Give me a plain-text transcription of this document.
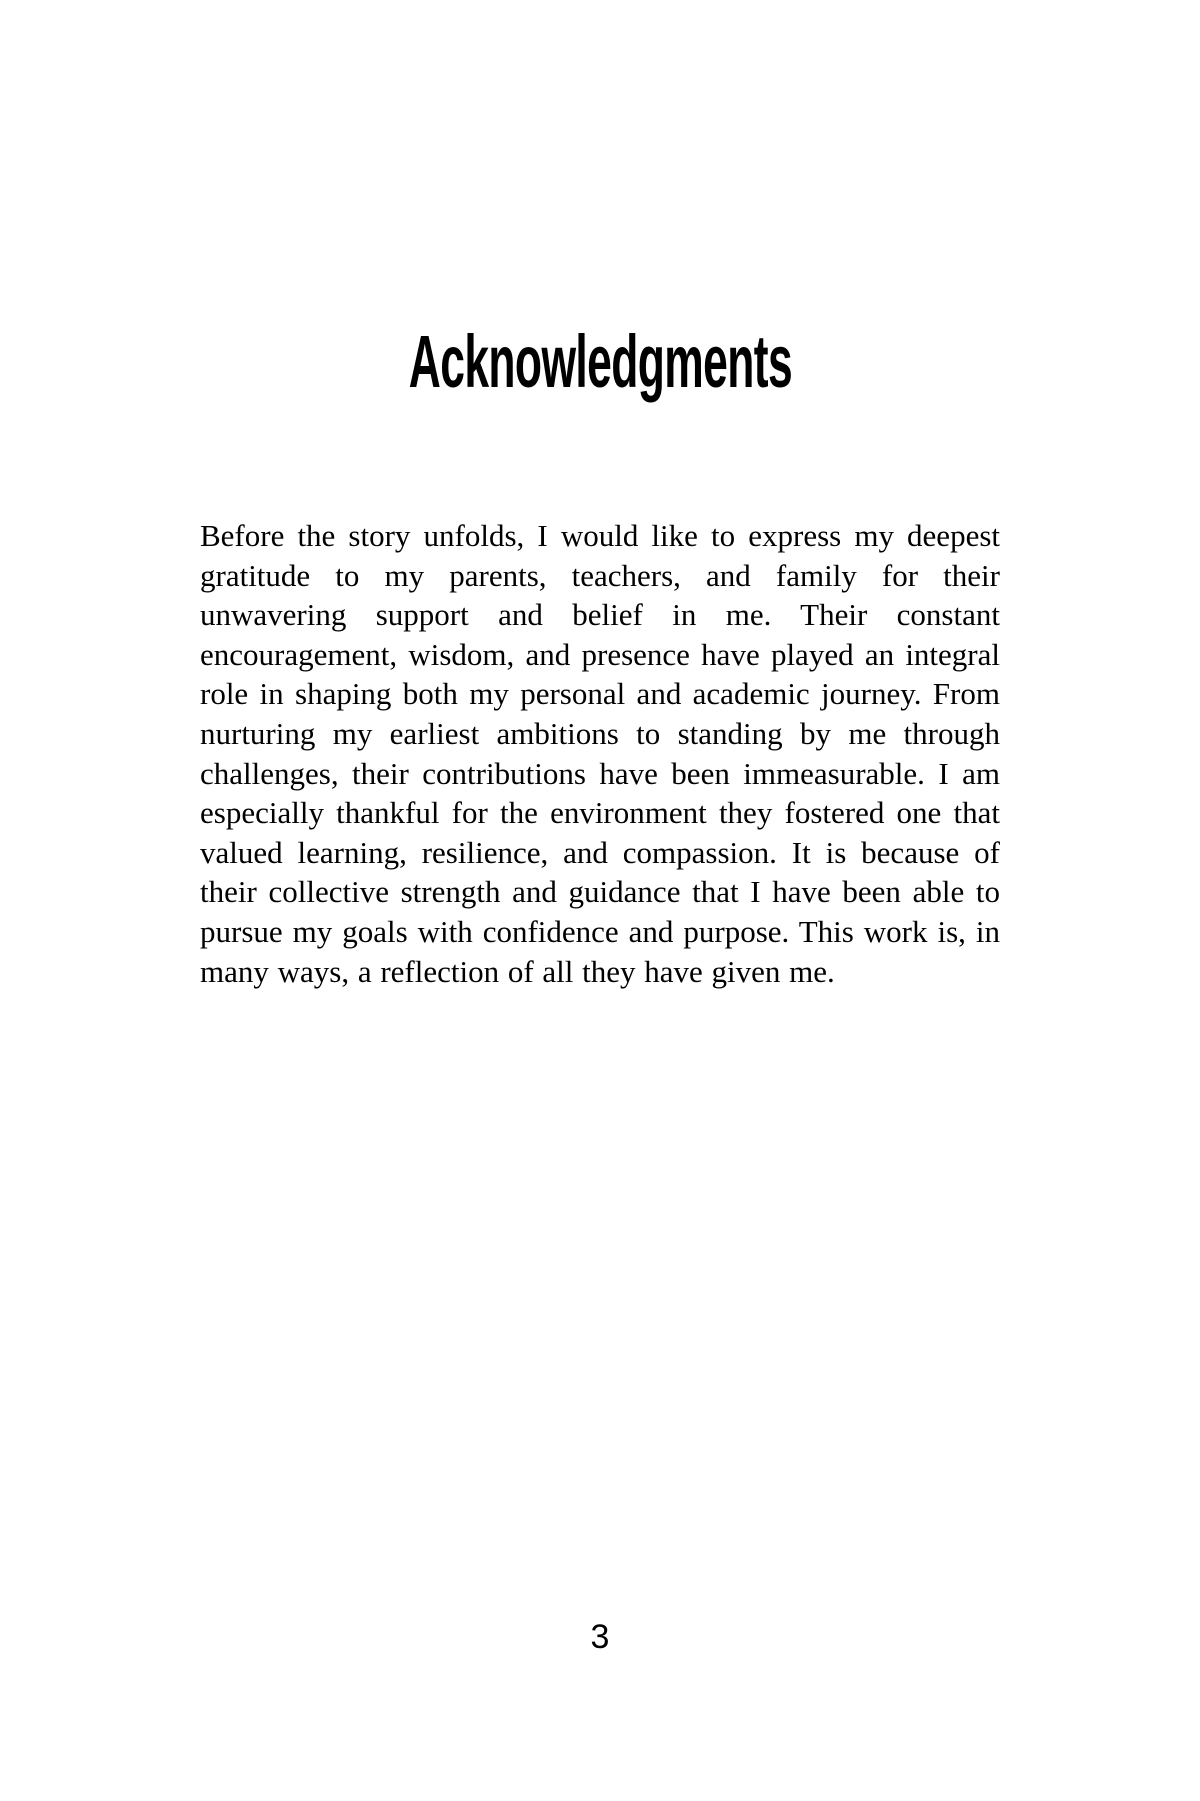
Acknowledgments

Before the story unfolds, I would like to express my deepest gratitude to my parents, teachers, and family for their unwavering support and belief in me. Their constant encouragement, wisdom, and presence have played an integral role in shaping both my personal and academic journey. From nurturing my earliest ambitions to standing by me through challenges, their contributions have been immeasurable. I am especially thankful for the environment they fostered one that valued learning, resilience, and compassion. It is because of their collective strength and guidance that I have been able to pursue my goals with confidence and purpose. This work is, in many ways, a reflection of all they have given me.

3
